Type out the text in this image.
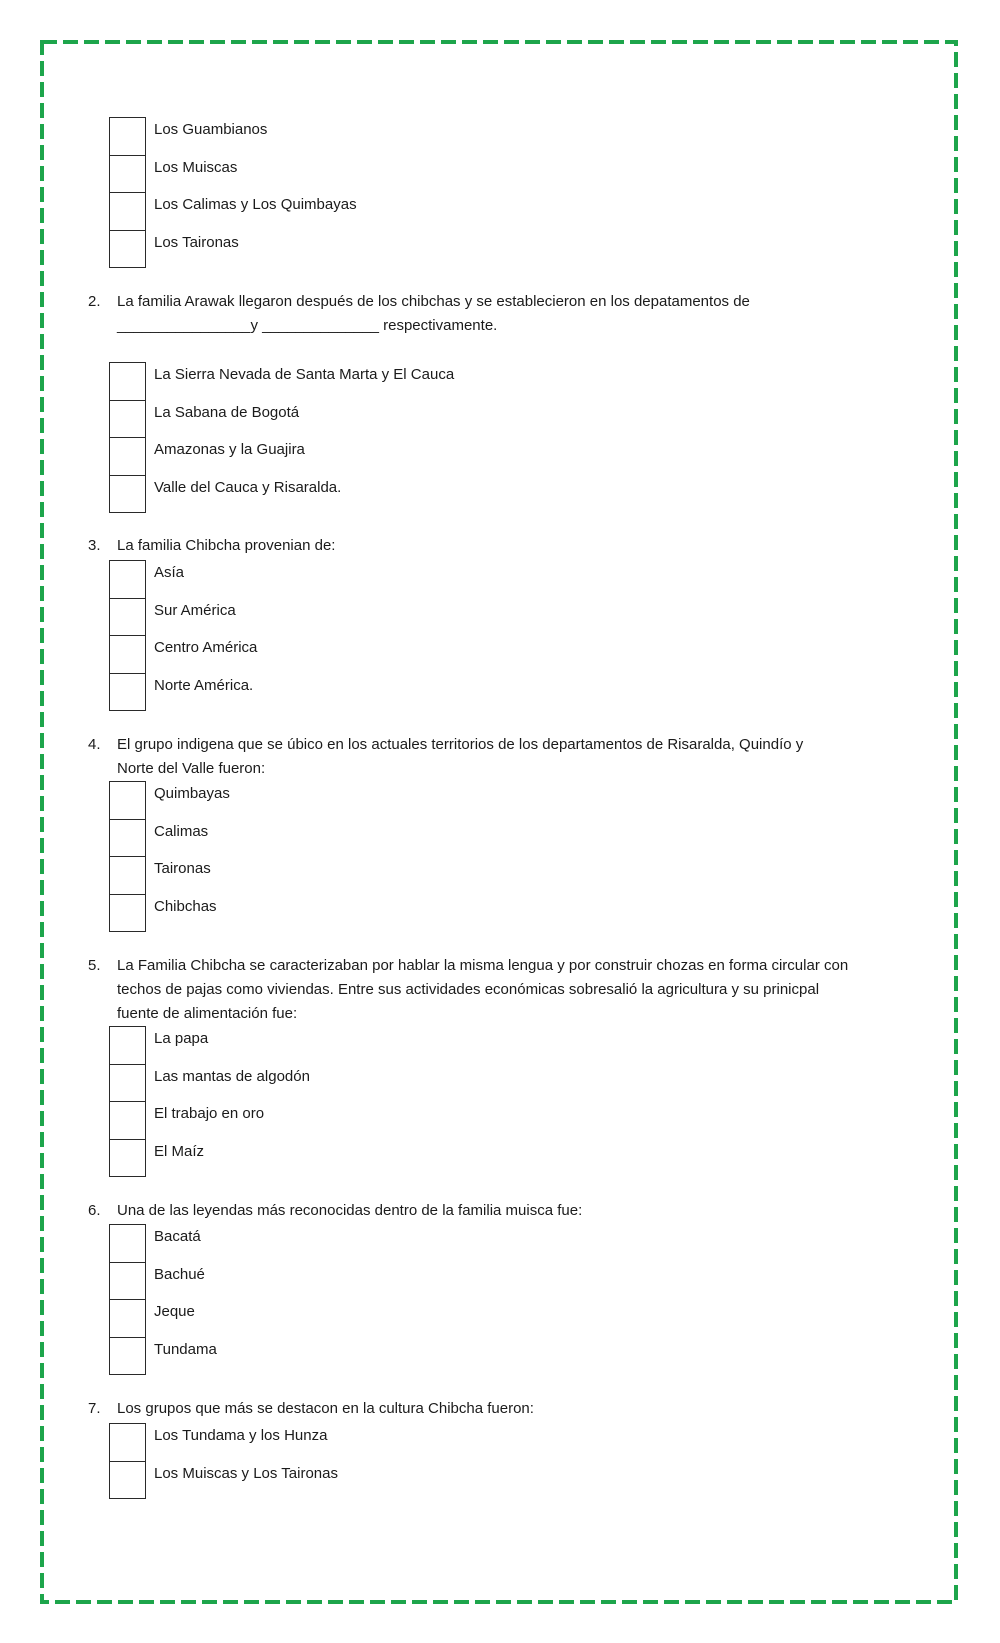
Los Guambianos
Los Muiscas
Los Calimas y Los Quimbayas
Los Taironas
2. La familia Arawak llegaron después de los chibchas y se establecieron en los depatamentos de
________________y ______________ respectivamente.
La Sierra Nevada de Santa Marta y El Cauca
La Sabana de Bogotá
Amazonas y la Guajira
Valle del Cauca y Risaralda.
3. La familia Chibcha provenian de:
Asía
Sur América
Centro América
Norte América.
4. El grupo indigena que se úbico en los actuales territorios de los departamentos de Risaralda, Quindío y
Norte del Valle fueron:
Quimbayas
Calimas
Taironas
Chibchas
5. La Familia Chibcha se caracterizaban por hablar la misma lengua y por construir chozas en forma circular con
techos de pajas como viviendas. Entre sus actividades económicas sobresalió la agricultura y su prinicpal
fuente de alimentación fue:
La papa
Las mantas de algodón
El trabajo en oro
El Maíz
6. Una de las leyendas más reconocidas dentro de la familia muisca fue:
Bacatá
Bachué
Jeque
Tundama
7. Los grupos que más se destacon en la cultura Chibcha fueron:
Los Tundama y los Hunza
Los Muiscas y Los Taironas
